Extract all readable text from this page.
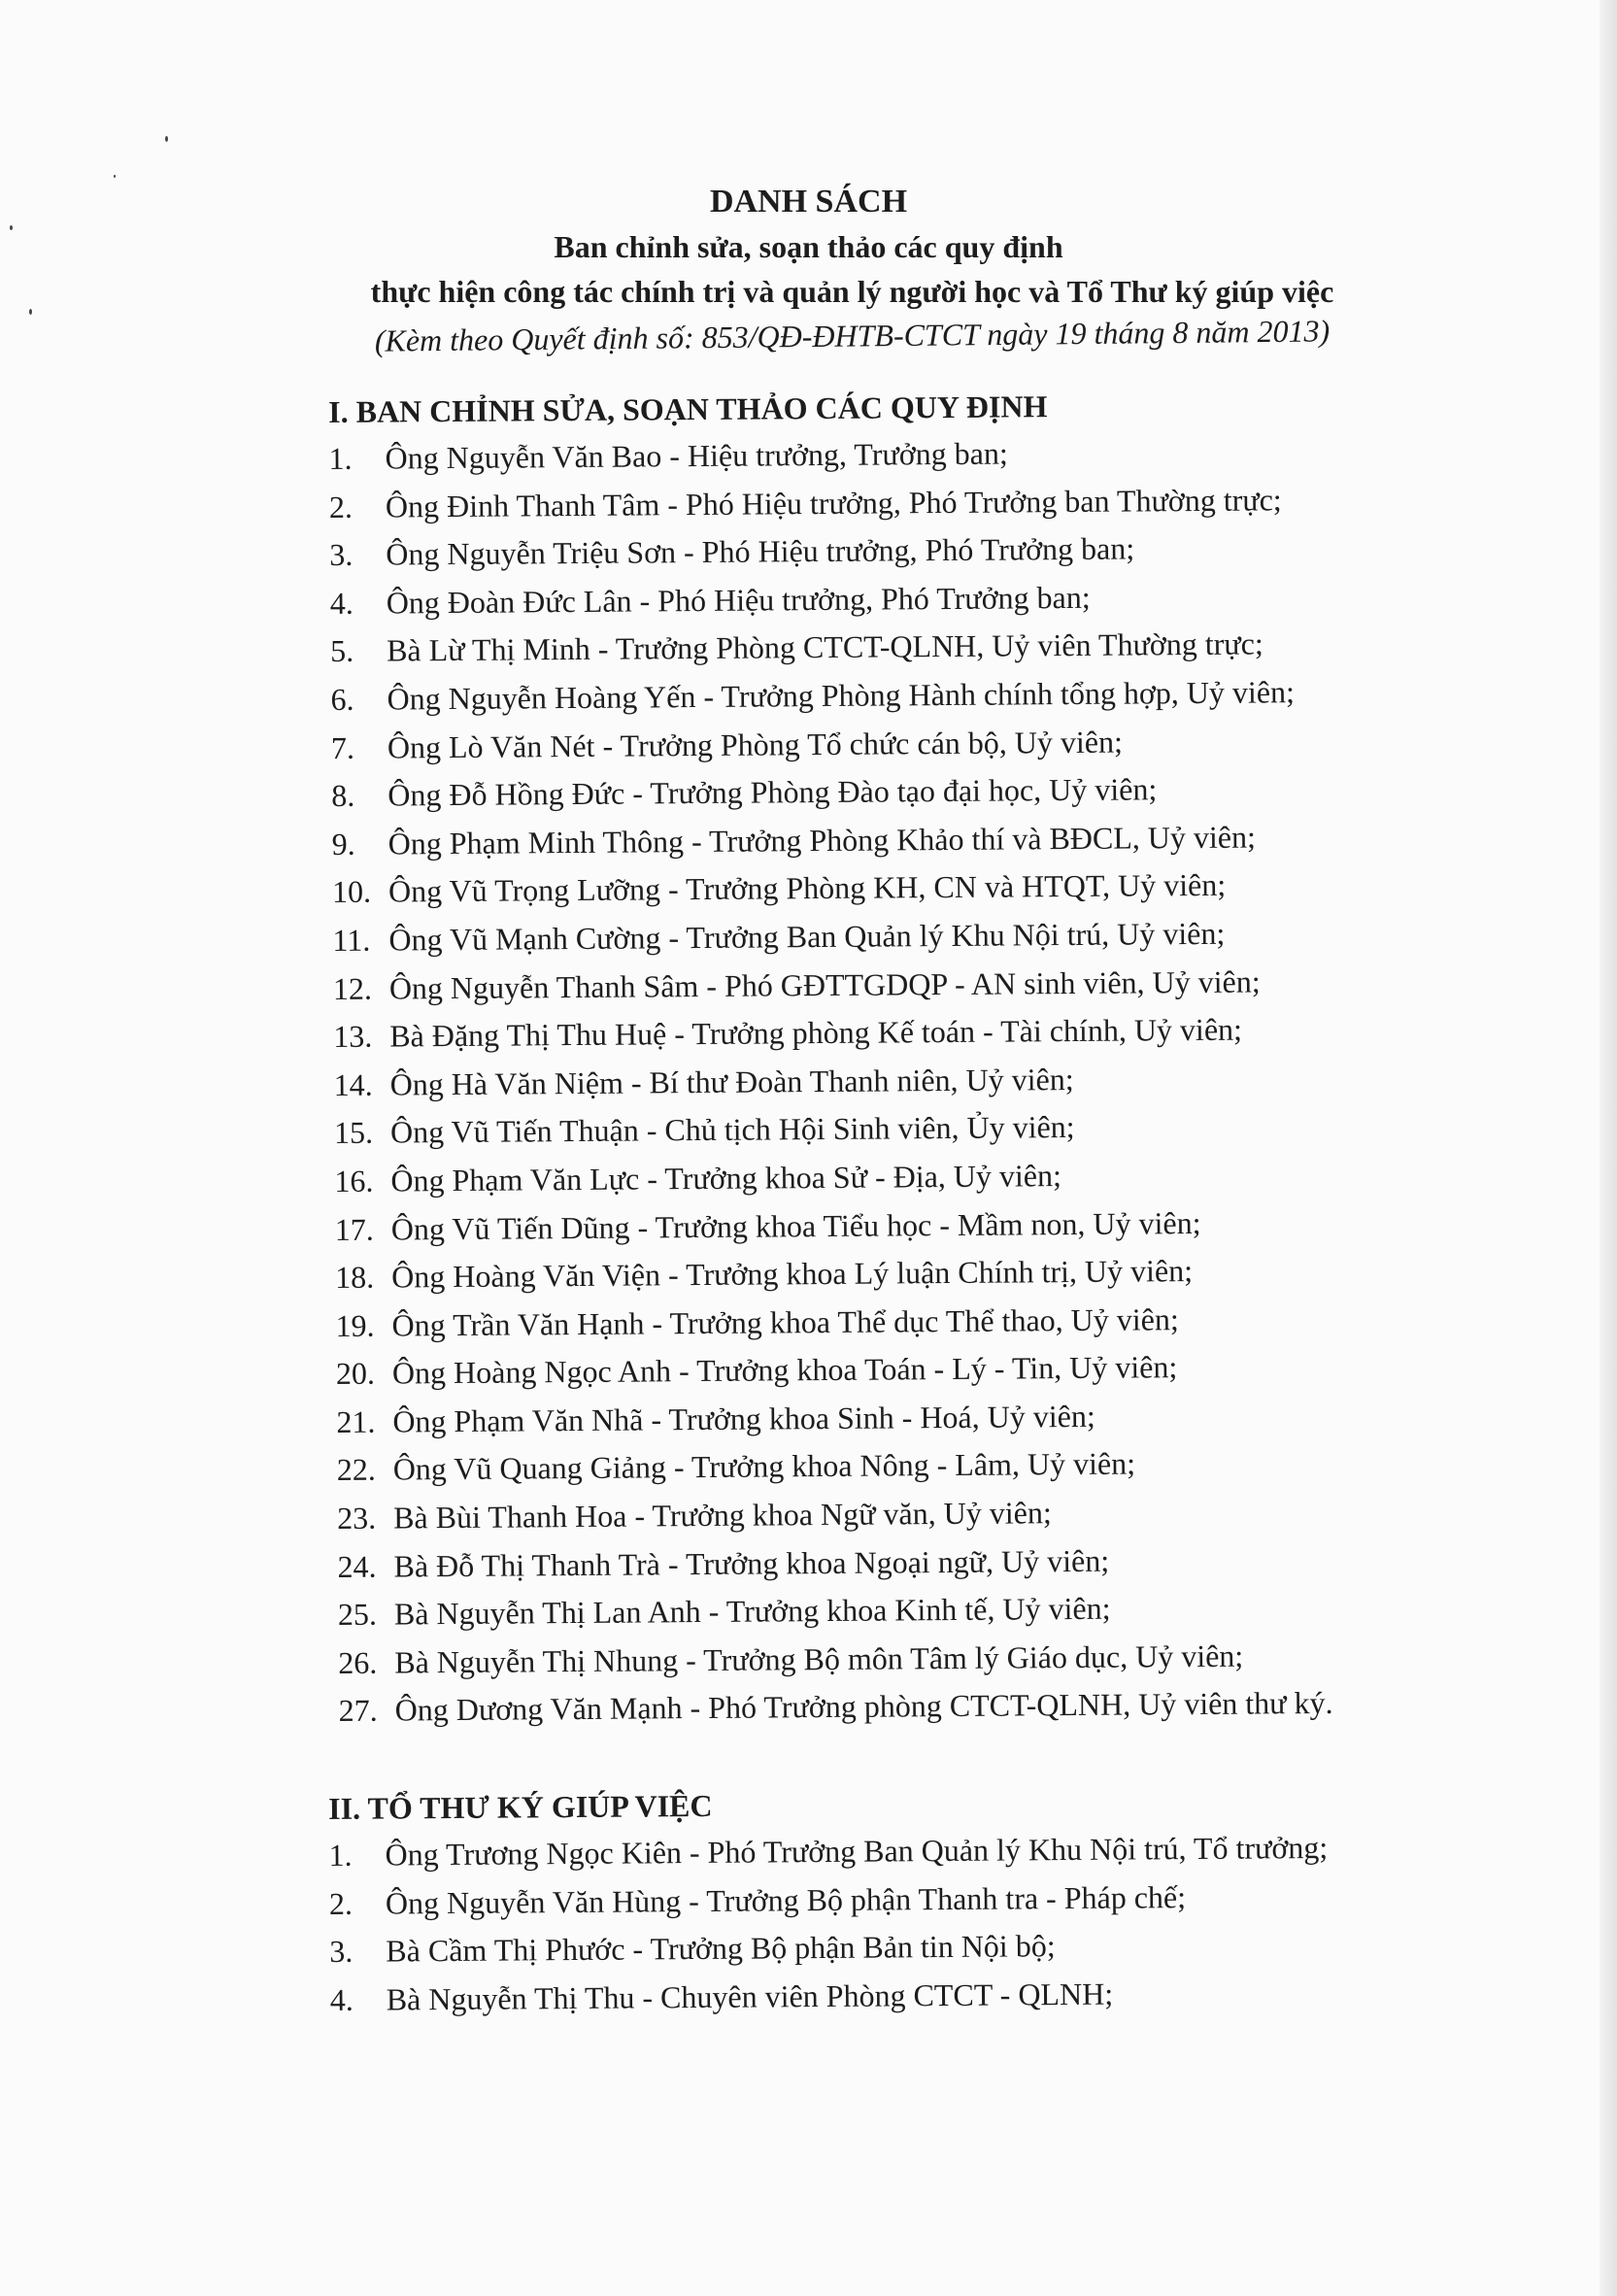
DANH SÁCH
Ban chỉnh sửa, soạn thảo các quy định
thực hiện công tác chính trị và quản lý người học và Tổ Thư ký giúp việc
(Kèm theo Quyết định số: 853/QĐ-ĐHTB-CTCT ngày 19 tháng 8 năm 2013)
I. BAN CHỈNH SỬA, SOẠN THẢO CÁC QUY ĐỊNH
1. Ông Nguyễn Văn Bao - Hiệu trưởng, Trưởng ban;
2. Ông Đinh Thanh Tâm - Phó Hiệu trưởng, Phó Trưởng ban Thường trực;
3. Ông Nguyễn Triệu Sơn - Phó Hiệu trưởng, Phó Trưởng ban;
4. Ông Đoàn Đức Lân - Phó Hiệu trưởng, Phó Trưởng ban;
5. Bà Lừ Thị Minh - Trưởng Phòng CTCT-QLNH, Uỷ viên Thường trực;
6. Ông Nguyễn Hoàng Yến - Trưởng Phòng Hành chính tổng hợp, Uỷ viên;
7. Ông Lò Văn Nét - Trưởng Phòng Tổ chức cán bộ, Uỷ viên;
8. Ông Đỗ Hồng Đức - Trưởng Phòng Đào tạo đại học, Uỷ viên;
9. Ông Phạm Minh Thông - Trưởng Phòng Khảo thí và BĐCL, Uỷ viên;
10. Ông Vũ Trọng Lưỡng - Trưởng Phòng KH, CN và HTQT, Uỷ viên;
11. Ông Vũ Mạnh Cường - Trưởng Ban Quản lý Khu Nội trú, Uỷ viên;
12. Ông Nguyễn Thanh Sâm - Phó GĐTTGDQP - AN sinh viên, Uỷ viên;
13. Bà Đặng Thị Thu Huệ - Trưởng phòng Kế toán - Tài chính, Uỷ viên;
14. Ông Hà Văn Niệm - Bí thư Đoàn Thanh niên, Uỷ viên;
15. Ông Vũ Tiến Thuận - Chủ tịch Hội Sinh viên, Ủy viên;
16. Ông Phạm Văn Lực - Trưởng khoa Sử - Địa, Uỷ viên;
17. Ông Vũ Tiến Dũng - Trưởng khoa Tiểu học - Mầm non, Uỷ viên;
18. Ông Hoàng Văn Viện - Trưởng khoa Lý luận Chính trị, Uỷ viên;
19. Ông Trần Văn Hạnh - Trưởng khoa Thể dục Thể thao, Uỷ viên;
20. Ông Hoàng Ngọc Anh - Trưởng khoa Toán - Lý - Tin, Uỷ viên;
21. Ông Phạm Văn Nhã - Trưởng khoa Sinh - Hoá, Uỷ viên;
22. Ông Vũ Quang Giảng - Trưởng khoa Nông - Lâm, Uỷ viên;
23. Bà Bùi Thanh Hoa - Trưởng khoa Ngữ văn, Uỷ viên;
24. Bà Đỗ Thị Thanh Trà - Trưởng khoa Ngoại ngữ, Uỷ viên;
25. Bà Nguyễn Thị Lan Anh - Trưởng khoa Kinh tế, Uỷ viên;
26. Bà Nguyễn Thị Nhung - Trưởng Bộ môn Tâm lý Giáo dục, Uỷ viên;
27. Ông Dương Văn Mạnh - Phó Trưởng phòng CTCT-QLNH, Uỷ viên thư ký.
II. TỔ THƯ KÝ GIÚP VIỆC
1. Ông Trương Ngọc Kiên - Phó Trưởng Ban Quản lý Khu Nội trú, Tổ trưởng;
2. Ông Nguyễn Văn Hùng - Trưởng Bộ phận Thanh tra - Pháp chế;
3. Bà Cầm Thị Phước - Trưởng Bộ phận Bản tin Nội bộ;
4. Bà Nguyễn Thị Thu - Chuyên viên Phòng CTCT - QLNH;
